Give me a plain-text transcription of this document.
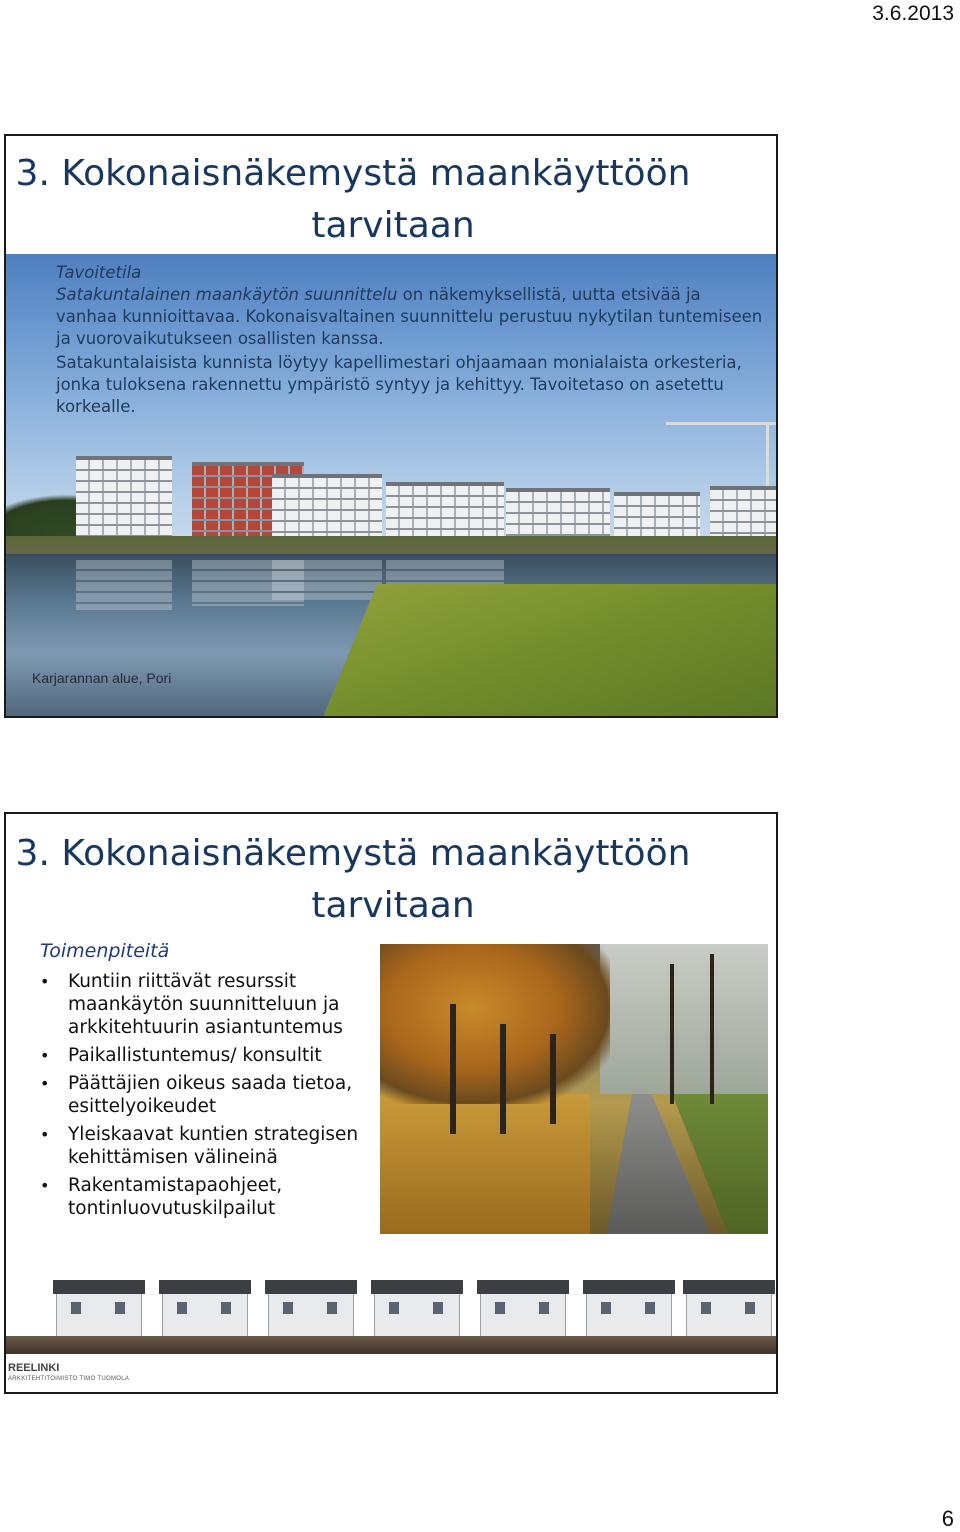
3.6.2013
3. Kokonaisnäkemystä maankäyttöön
tarvitaan

Tavoitetila

Satakuntalainen maankäytön suunnittelu on näkemyksellistä, uutta etsivää ja vanhaa kunnioittavaa. Kokonaisvaltainen suunnittelu perustuu nykytilan tuntemiseen ja vuorovaikutukseen osallisten kanssa.

Satakuntalaisista kunnista löytyy kapellimestari ohjaamaan monialaista orkesteria, jonka tuloksena rakennettu ympäristö syntyy ja kehittyy. Tavoitetaso on asetettu korkealle.

Karjarannan alue, Pori
3. Kokonaisnäkemystä maankäyttöön
tarvitaan
Toimenpiteitä
• Kuntiin riittävät resurssit maankäytön suunnitteluun ja arkkitehtuurin asiantuntemus
• Paikallistuntemus/ konsultit
• Päättäjien oikeus saada tietoa, esittelyoikeudet
• Yleiskaavat kuntien strategisen kehittämisen välineinä
• Rakentamistapaohjeet, tontinluovutuskilpailut
REELINKI
ARKKITEHTITOIMISTO TIMO TUOMOLA
6
